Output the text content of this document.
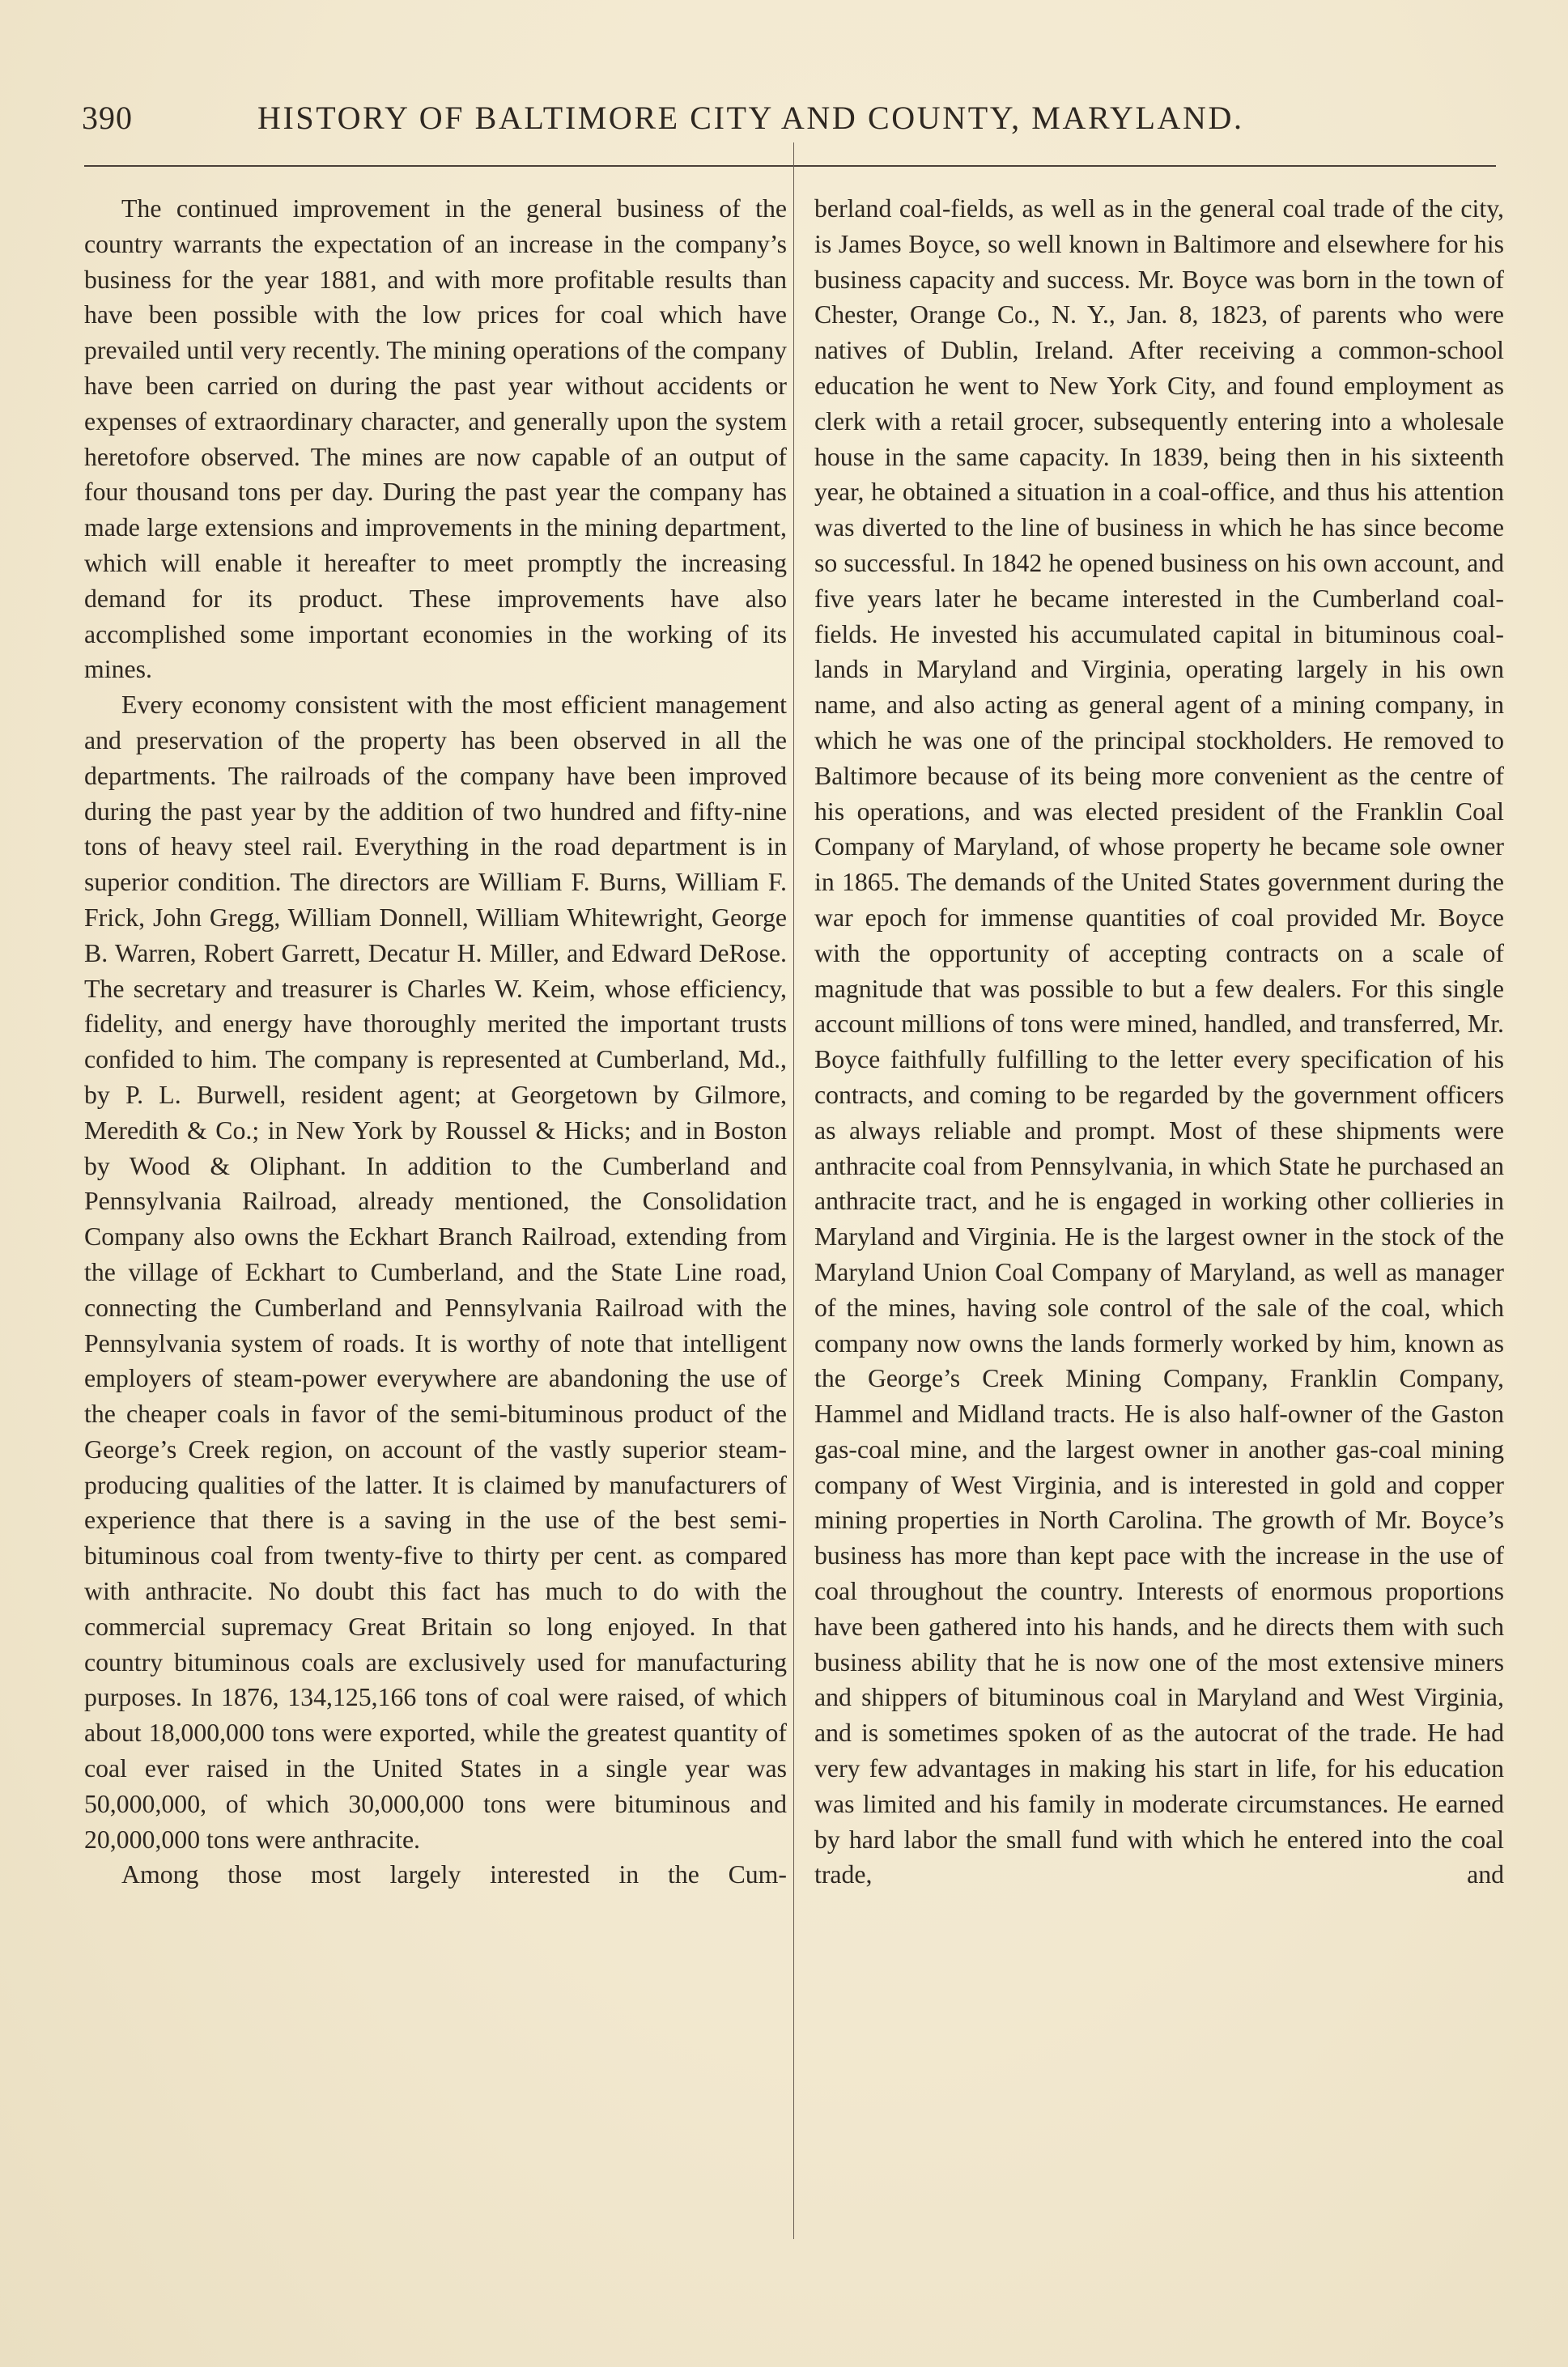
390	HISTORY OF BALTIMORE CITY AND COUNTY, MARYLAND.

The continued improvement in the general business of the country warrants the expectation of an increase in the company’s business for the year 1881, and with more profitable results than have been possible with the low prices for coal which have prevailed until very recently. The mining operations of the company have been carried on during the past year without accidents or expenses of extraordinary character, and generally upon the system heretofore observed. The mines are now capable of an output of four thousand tons per day. During the past year the company has made large extensions and improvements in the mining department, which will enable it hereafter to meet promptly the increasing demand for its product. These improvements have also accomplished some important economies in the working of its mines.

Every economy consistent with the most efficient management and preservation of the property has been observed in all the departments. The railroads of the company have been improved during the past year by the addition of two hundred and fifty-nine tons of heavy steel rail. Everything in the road department is in superior condition. The directors are William F. Burns, William F. Frick, John Gregg, William Donnell, William Whitewright, George B. Warren, Robert Garrett, Decatur H. Miller, and Edward DeRose. The secretary and treasurer is Charles W. Keim, whose efficiency, fidelity, and energy have thoroughly merited the important trusts confided to him. The company is represented at Cumberland, Md., by P. L. Burwell, resident agent; at Georgetown by Gilmore, Meredith & Co.; in New York by Roussel & Hicks; and in Boston by Wood & Oliphant. In addition to the Cumberland and Pennsylvania Railroad, already mentioned, the Consolidation Company also owns the Eckhart Branch Railroad, extending from the village of Eckhart to Cumberland, and the State Line road, connecting the Cumberland and Pennsylvania Railroad with the Pennsylvania system of roads. It is worthy of note that intelligent employers of steam-power everywhere are abandoning the use of the cheaper coals in favor of the semi-bituminous product of the George’s Creek region, on account of the vastly superior steam-producing qualities of the latter. It is claimed by manufacturers of experience that there is a saving in the use of the best semi-bituminous coal from twenty-five to thirty per cent. as compared with anthracite. No doubt this fact has much to do with the commercial supremacy Great Britain so long enjoyed. In that country bituminous coals are exclusively used for manufacturing purposes. In 1876, 134,125,166 tons of coal were raised, of which about 18,000,000 tons were exported, while the greatest quantity of coal ever raised in the United States in a single year was 50,000,000, of which 30,000,000 tons were bituminous and 20,000,000 tons were anthracite.

Among those most largely interested in the Cum-

berland coal-fields, as well as in the general coal trade of the city, is James Boyce, so well known in Baltimore and elsewhere for his business capacity and success. Mr. Boyce was born in the town of Chester, Orange Co., N. Y., Jan. 8, 1823, of parents who were natives of Dublin, Ireland. After receiving a common-school education he went to New York City, and found employment as clerk with a retail grocer, subsequently entering into a wholesale house in the same capacity. In 1839, being then in his sixteenth year, he obtained a situation in a coal-office, and thus his attention was diverted to the line of business in which he has since become so successful. In 1842 he opened business on his own account, and five years later he became interested in the Cumberland coal-fields. He invested his accumulated capital in bituminous coal-lands in Maryland and Virginia, operating largely in his own name, and also acting as general agent of a mining company, in which he was one of the principal stockholders. He removed to Baltimore because of its being more convenient as the centre of his operations, and was elected president of the Franklin Coal Company of Maryland, of whose property he became sole owner in 1865. The demands of the United States government during the war epoch for immense quantities of coal provided Mr. Boyce with the opportunity of accepting contracts on a scale of magnitude that was possible to but a few dealers. For this single account millions of tons were mined, handled, and transferred, Mr. Boyce faithfully fulfilling to the letter every specification of his contracts, and coming to be regarded by the government officers as always reliable and prompt. Most of these shipments were anthracite coal from Pennsylvania, in which State he purchased an anthracite tract, and he is engaged in working other collieries in Maryland and Virginia. He is the largest owner in the stock of the Maryland Union Coal Company of Maryland, as well as manager of the mines, having sole control of the sale of the coal, which company now owns the lands formerly worked by him, known as the George’s Creek Mining Company, Franklin Company, Hammel and Midland tracts. He is also half-owner of the Gaston gas-coal mine, and the largest owner in another gas-coal mining company of West Virginia, and is interested in gold and copper mining properties in North Carolina. The growth of Mr. Boyce’s business has more than kept pace with the increase in the use of coal throughout the country. Interests of enormous proportions have been gathered into his hands, and he directs them with such business ability that he is now one of the most extensive miners and shippers of bituminous coal in Maryland and West Virginia, and is sometimes spoken of as the autocrat of the trade. He had very few advantages in making his start in life, for his education was limited and his family in moderate circumstances. He earned by hard labor the small fund with which he entered into the coal trade, and
